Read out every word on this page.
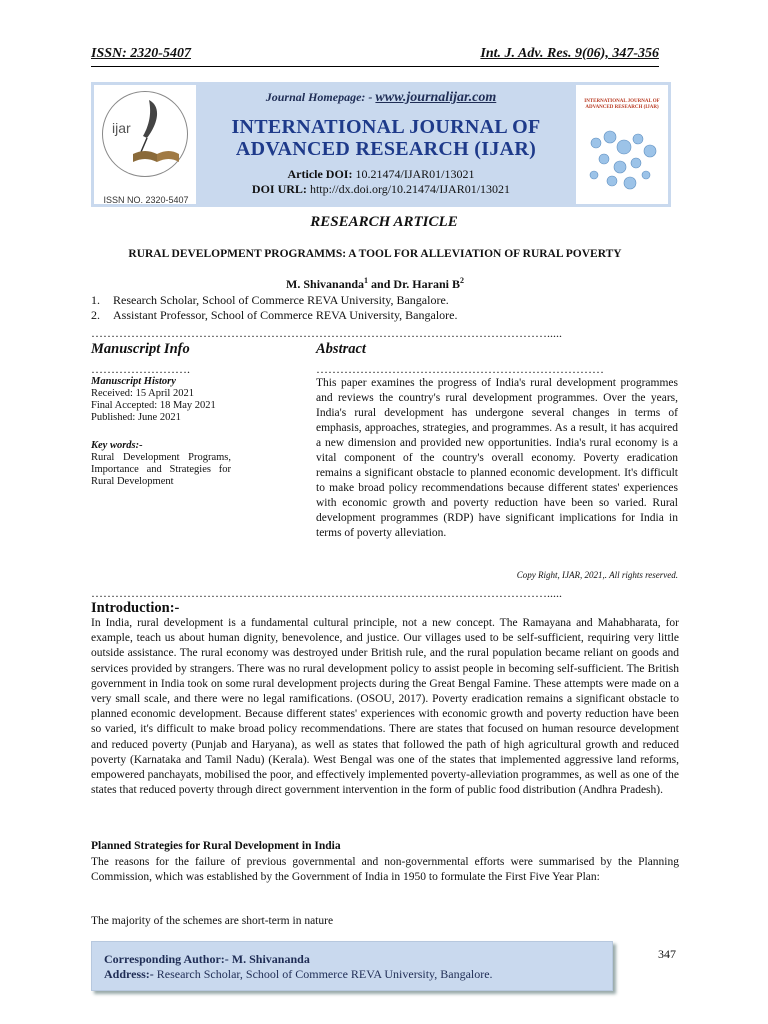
ISSN: 2320-5407	Int. J. Adv. Res. 9(06), 347-356
ijar
ISSN NO. 2320-5407
Journal Homepage: - www.journalijar.com
INTERNATIONAL JOURNAL OF
ADVANCED RESEARCH (IJAR)
Article DOI: 10.21474/IJAR01/13021
DOI URL: http://dx.doi.org/10.21474/IJAR01/13021
INTERNATIONAL JOURNAL OF ADVANCED RESEARCH (IJAR)
RESEARCH ARTICLE
RURAL DEVELOPMENT PROGRAMMS: A TOOL FOR ALLEVIATION OF RURAL POVERTY
M. Shivananda$^1$ and Dr. Harani $B^2$
1.	Research Scholar, School of Commerce REVA University, Bangalore.
2.	Assistant Professor, School of Commerce REVA University, Bangalore.
…………………………………………………………………………………………………….....
Manuscript Info	Abstract
…………………….	………………………………………………………………
Manuscript History
Received: 15 April 2021
Final Accepted: 18 May 2021
Published: June 2021
Key words:-
Rural Development Programs, Importance and Strategies for Rural Development
This paper examines the progress of India's rural development programmes and reviews the country's rural development programmes. Over the years, India's rural development has undergone several changes in terms of emphasis, approaches, strategies, and programmes. As a result, it has acquired a new dimension and provided new opportunities. India's rural economy is a vital component of the country's overall economy. Poverty eradication remains a significant obstacle to planned economic development. It's difficult to make broad policy recommendations because different states' experiences with economic growth and poverty reduction have been so varied. Rural development programmes (RDP) have significant implications for India in terms of poverty alleviation.
Copy Right, IJAR, 2021,. All rights reserved.
…………………………………………………………………………………………………….....
Introduction:-
In India, rural development is a fundamental cultural principle, not a new concept. The Ramayana and Mahabharata, for example, teach us about human dignity, benevolence, and justice. Our villages used to be self-sufficient, requiring very little outside assistance. The rural economy was destroyed under British rule, and the rural population became reliant on goods and services provided by strangers. There was no rural development policy to assist people in becoming self-sufficient. The British government in India took on some rural development projects during the Great Bengal Famine. These attempts were made on a very small scale, and there were no legal ramifications. (OSOU, 2017). Poverty eradication remains a significant obstacle to planned economic development. Because different states' experiences with economic growth and poverty reduction have been so varied, it's difficult to make broad policy recommendations. There are states that focused on human resource development and reduced poverty (Punjab and Haryana), as well as states that followed the path of high agricultural growth and reduced poverty (Karnataka and Tamil Nadu) (Kerala). West Bengal was one of the states that implemented aggressive land reforms, empowered panchayats, mobilised the poor, and effectively implemented poverty-alleviation programmes, as well as one of the states that reduced poverty through direct government intervention in the form of public food distribution (Andhra Pradesh).
Planned Strategies for Rural Development in India
The reasons for the failure of previous governmental and non-governmental efforts were summarised by the Planning Commission, which was established by the Government of India in 1950 to formulate the First Five Year Plan:
The majority of the schemes are short-term in nature
Corresponding Author:- M. Shivananda
Address:- Research Scholar, School of Commerce REVA University, Bangalore.
347
